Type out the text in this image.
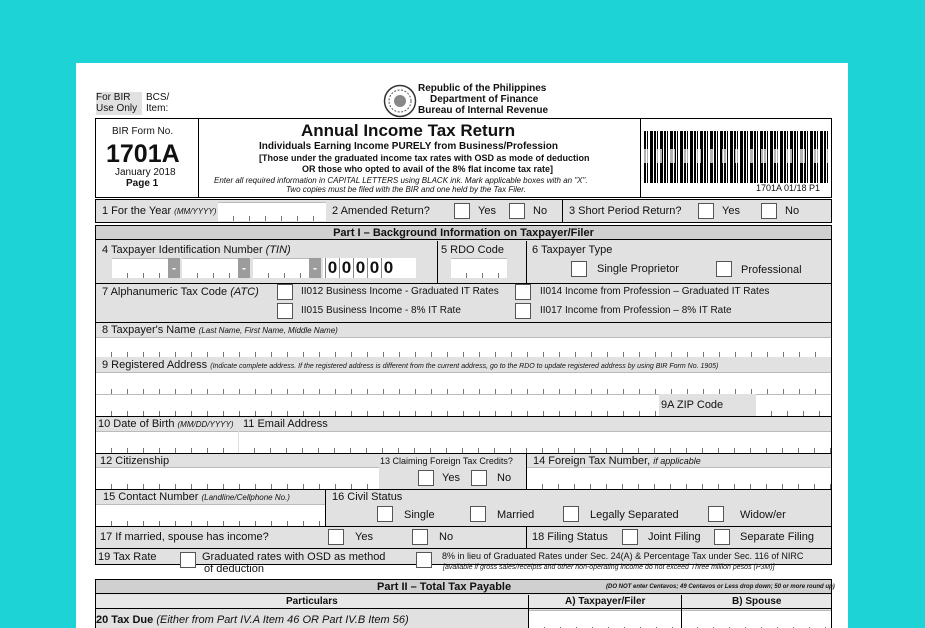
For BIR
Use Only
BCS/
Item:
Republic of the Philippines
Department of Finance
Bureau of Internal Revenue
BIR Form No.
1701A
January 2018
Page 1
Annual Income Tax Return
Individuals Earning Income PURELY from Business/Profession
[Those under the graduated income tax rates with OSD as mode of deduction
OR those who opted to avail of the 8% flat income tax rate]
Enter all required information in CAPITAL LETTERS using BLACK ink. Mark applicable boxes with an "X".
Two copies must be filed with the BIR and one held by the Tax Filer.	1701A 01/18 P1
1 For the Year (MM/YYYY)	2 Amended Return?	Yes	No 3 Short Period Return?	Yes	No
Part I – Background Information on Taxpayer/Filer
4 Taxpayer Identification Number (TIN)
-	-	- 0 0 0 0 0
5 RDO Code	6 Taxpayer Type
Single Proprietor	Professional
7 Alphanumeric Tax Code (ATC)	II012 Business Income - Graduated IT Rates	II014 Income from Profession – Graduated IT Rates
II015 Business Income - 8% IT Rate	II017 Income from Profession – 8% IT Rate
8 Taxpayer's Name (Last Name, First Name, Middle Name)
9 Registered Address (Indicate complete address. If the registered address is different from the current address, go to the RDO to update registered address by using BIR Form No. 1905)
9A ZIP Code
10 Date of Birth (MM/DD/YYYY) 11 Email Address
12 Citizenship	13 Claiming Foreign Tax Credits?
Yes	No
14 Foreign Tax Number, if applicable
15 Contact Number (Landline/Cellphone No.)	16 Civil Status
Single	Married	Legally Separated	Widow/er
17 If married, spouse has income?	Yes	No	18 Filing Status	Joint Filing	Separate Filing
19 Tax Rate	Graduated rates with OSD as method
of deduction
8% in lieu of Graduated Rates under Sec. 24(A) & Percentage Tax under Sec. 116 of NIRC
[available if gross sales/receipts and other non-operating income do not exceed Three million pesos (P3M)]
Part II – Total Tax Payable	(DO NOT enter Centavos; 49 Centavos or Less drop down; 50 or more round up)
Particulars	A) Taxpayer/Filer	B) Spouse
20 Tax Due (Either from Part IV.A Item 46 OR Part IV.B Item 56)
